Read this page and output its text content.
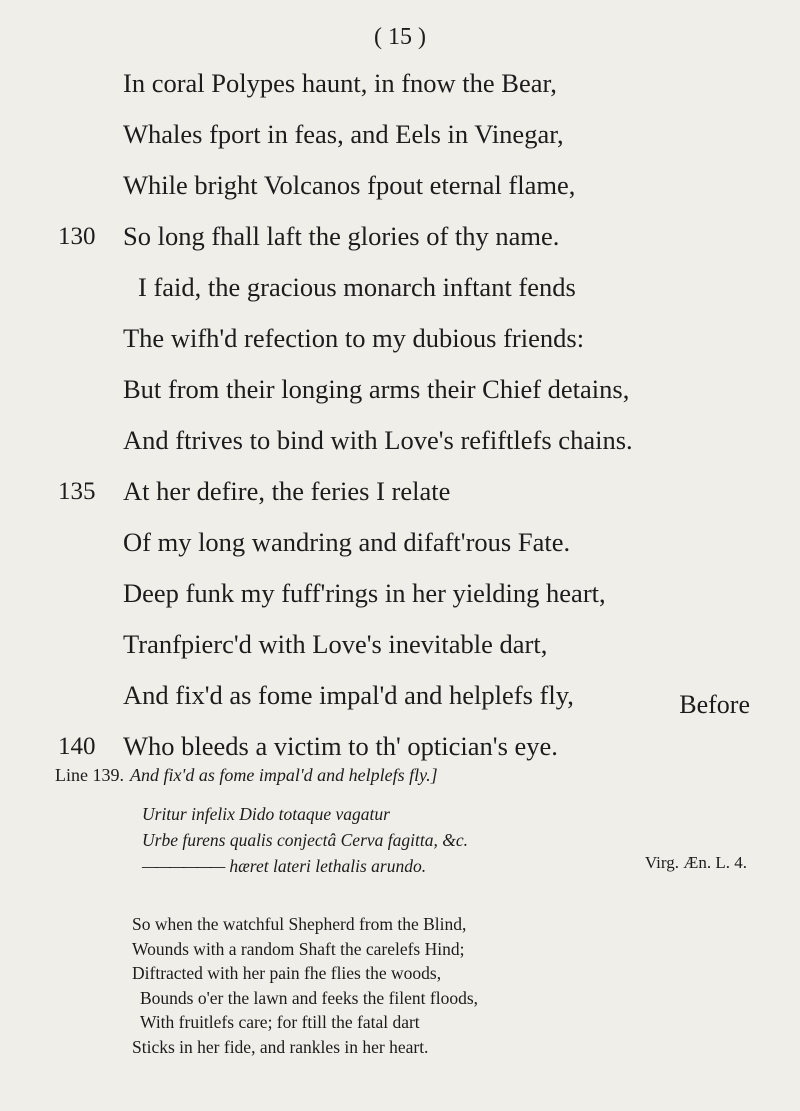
( 15 )
In coral Polypes haunt, in fnow the Bear,
Whales fport in feas, and Eels in Vinegar,
While bright Volcanos fpout eternal flame,
130 So long fhall laft the glories of thy name.
I faid, the gracious monarch inftant fends
The wifh'd refection to my dubious friends:
But from their longing arms their Chief detains,
And ftrives to bind with Love's refiftlefs chains.
135 At her defire, the feries I relate
Of my long wandring and difaft'rous Fate.
Deep funk my fuff'rings in her yielding heart,
Tranfpierc'd with Love's inevitable dart,
And fix'd as fome impal'd and helplefs fly,
140 Who bleeds a victim to th' optician's eye.
Before
Line 139. And fix'd as fome impal'd and helplefs fly.]
Uritur infelix Dido totaque vagatur
Urbe furens qualis conjectâ Cerva fagitta, &c.
—————— hæret lateri lethalis arundo.	Virg. Æn. L. 4.
So when the watchful Shepherd from the Blind,
Wounds with a random Shaft the carelefs Hind;
Diftracted with her pain fhe flies the woods,
Bounds o'er the lawn and feeks the filent floods,
With fruitlefs care; for ftill the fatal dart
Sticks in her fide, and rankles in her heart.
